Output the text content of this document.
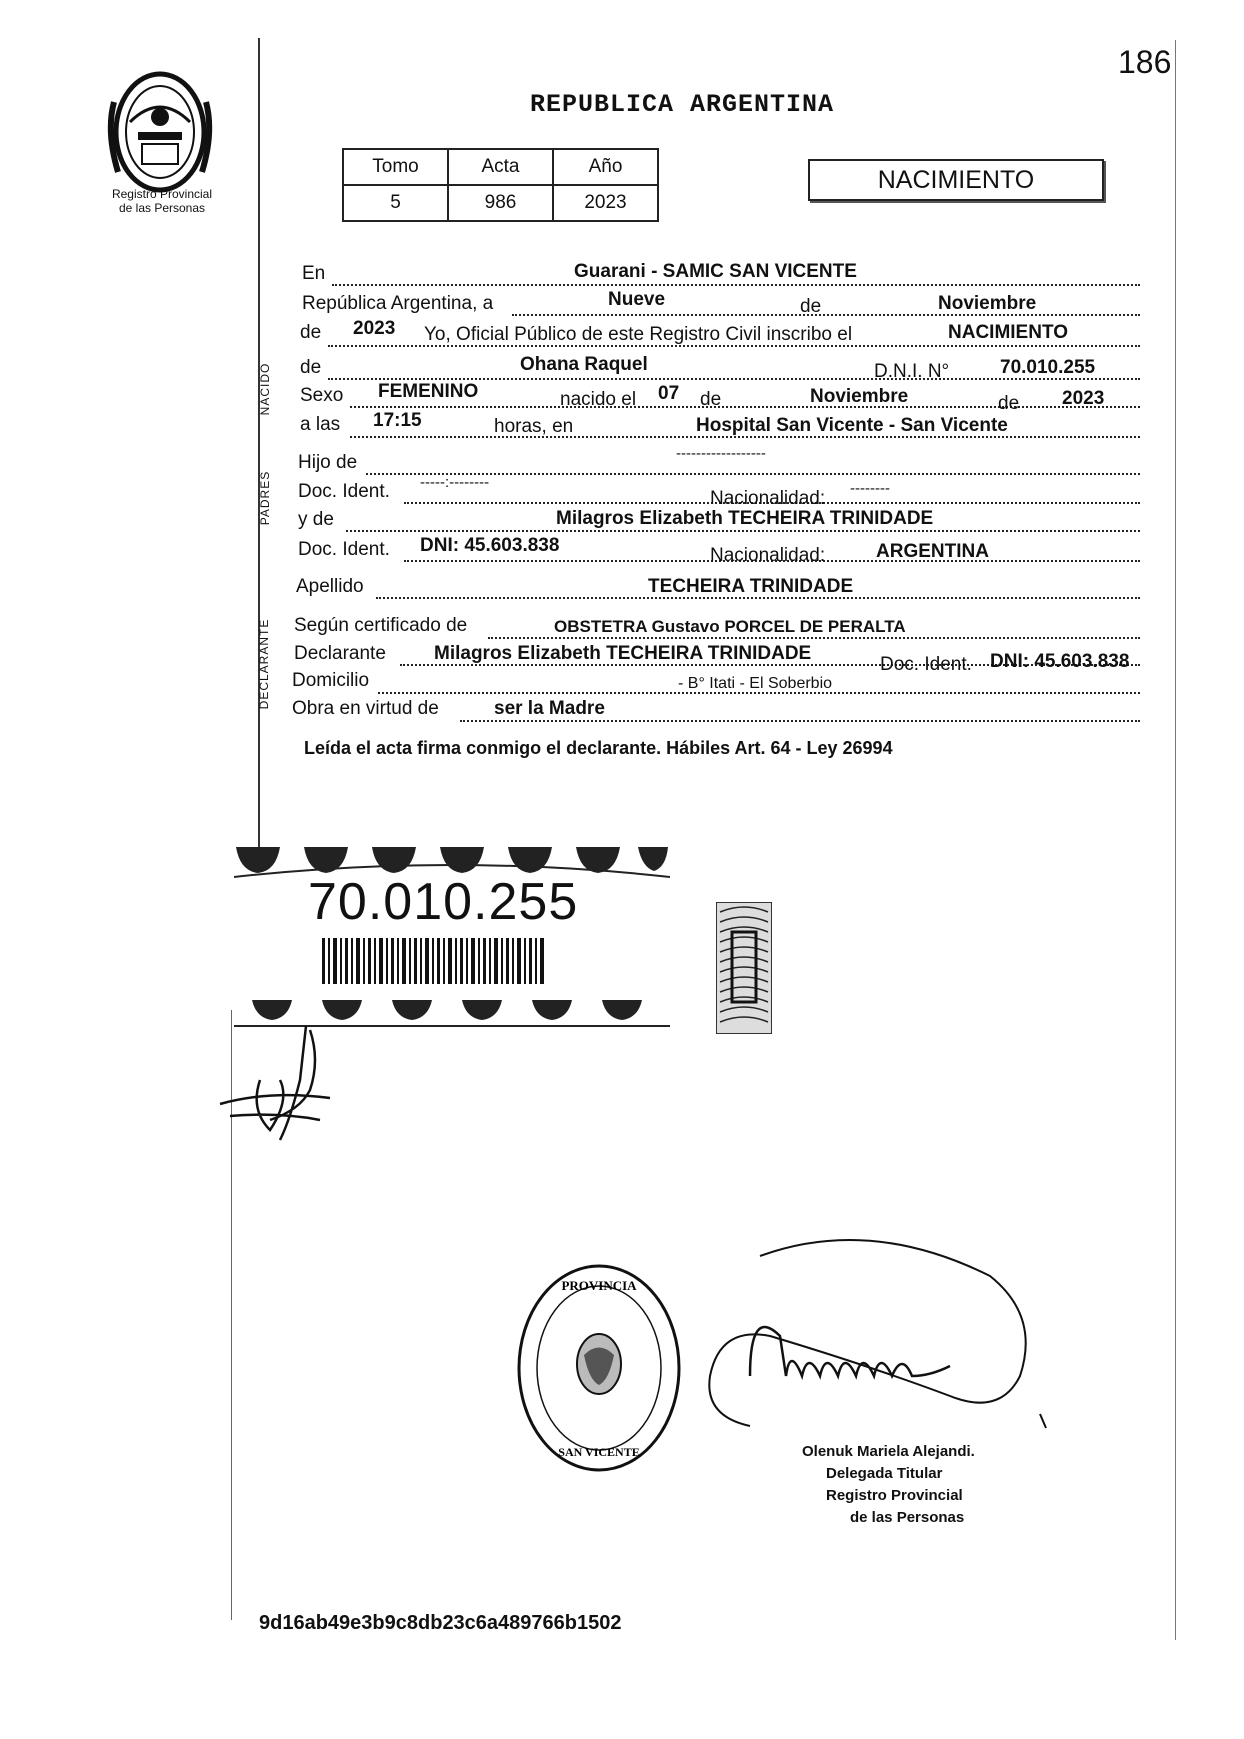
186
Registro Provincial
de las Personas
REPUBLICA ARGENTINA
Tomo	Acta	Año
5	986	2023
NACIMIENTO
NACIDO
PADRES
DECLARANTE
En	Guarani - SAMIC SAN VICENTE
República Argentina, a	Nueve	de	Noviembre
de 2023 Yo, Oficial Público de este Registro Civil inscribo el	NACIMIENTO
de	Ohana Raquel	D.N.I. N°	70.010.255
Sexo FEMENINO	nacido el 07 de	Noviembre	de 2023
a las 17:15	horas, en	Hospital San Vicente - San Vicente
Hijo de	------------------
Doc. Ident. -----:--------
Nacionalidad: --------
y de	Milagros Elizabeth TECHEIRA TRINIDADE
Doc. Ident. DNI: 45.603.838	Nacionalidad:	ARGENTINA
Apellido	TECHEIRA TRINIDADE
Según certificado de	OBSTETRA Gustavo PORCEL DE PERALTA
Declarante	Milagros Elizabeth TECHEIRA TRINIDADE
Doc. Ident. DNI: 45.603.838
Domicilio	- B° Itati - El Soberbio
Obra en virtud de	ser la Madre
Leída el acta firma conmigo el declarante. Hábiles Art. 64 - Ley 26994
70.010.255
PROVINCIA
SAN VICENTE	Olenuk Mariela Alejandi.
Delegada Titular
Registro Provincial
de las Personas
9d16ab49e3b9c8db23c6a489766b1502
